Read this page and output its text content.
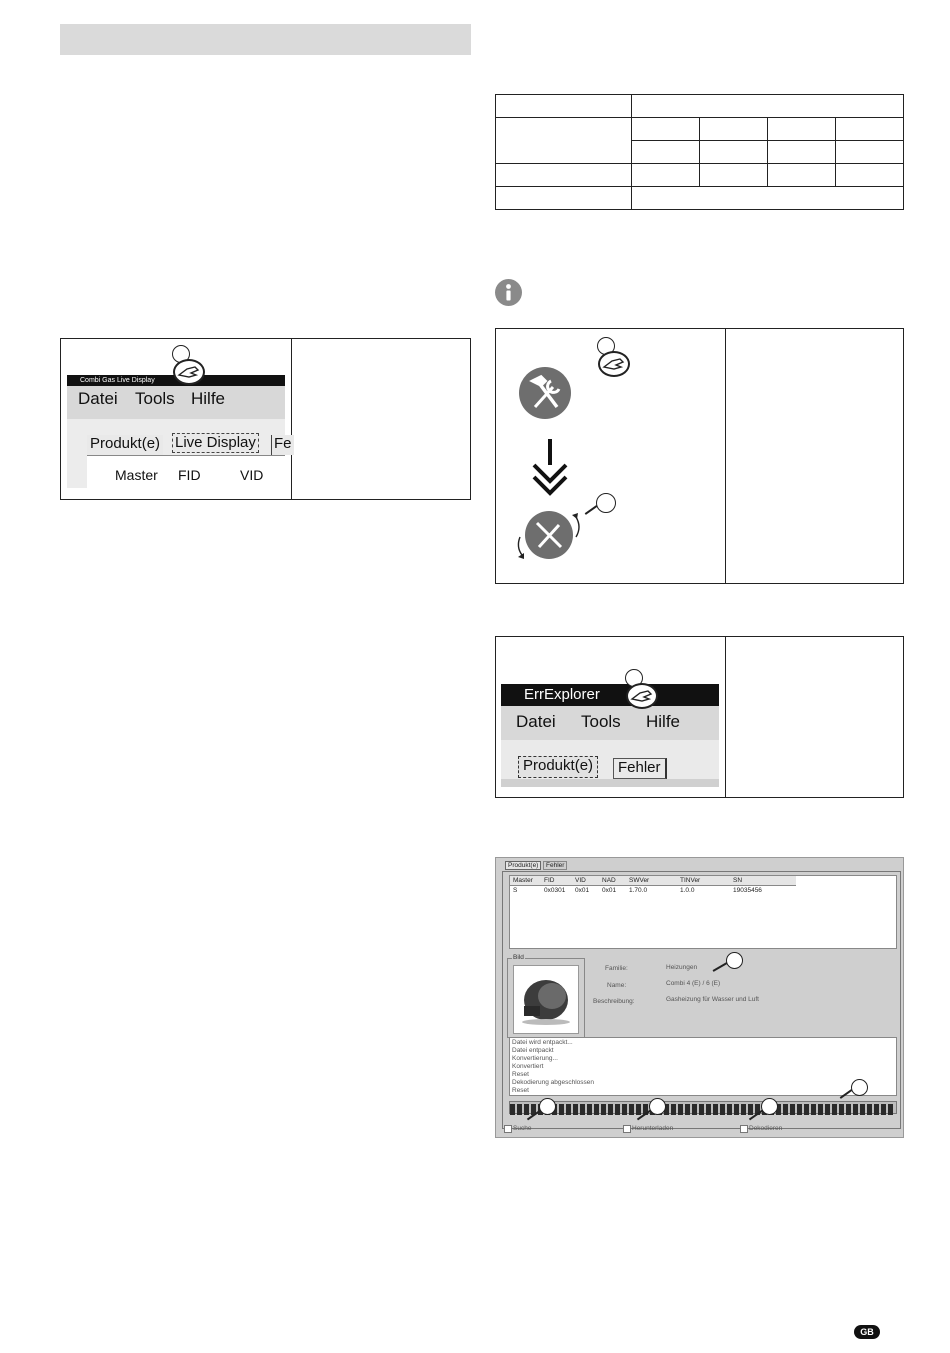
Combi Gas Live Display
Datei Tools Hilfe
Produkt(e) Live Display Fe
Master FID	VID

ErrExplorer
Datei Tools Hilfe
Produkt(e)	Fehler
Produkt(e)	Fehler
Master FID	VID NAD SWVer	TINVer	SN
S	0x0301 0x01 0x01 1.70.0	1.0.0	19035456
Bild
Familie:	Heizungen
Name:	Combi 4 (E) / 6 (E)
Beschreibung:	Gasheizung für Wasser und Luft
Datei wird entpackt...
Datei entpackt
Konvertierung...
Konvertiert
Reset
Dekodierung abgeschlossen
Reset
Suche	Herunterladen	Dekodieren
GB
